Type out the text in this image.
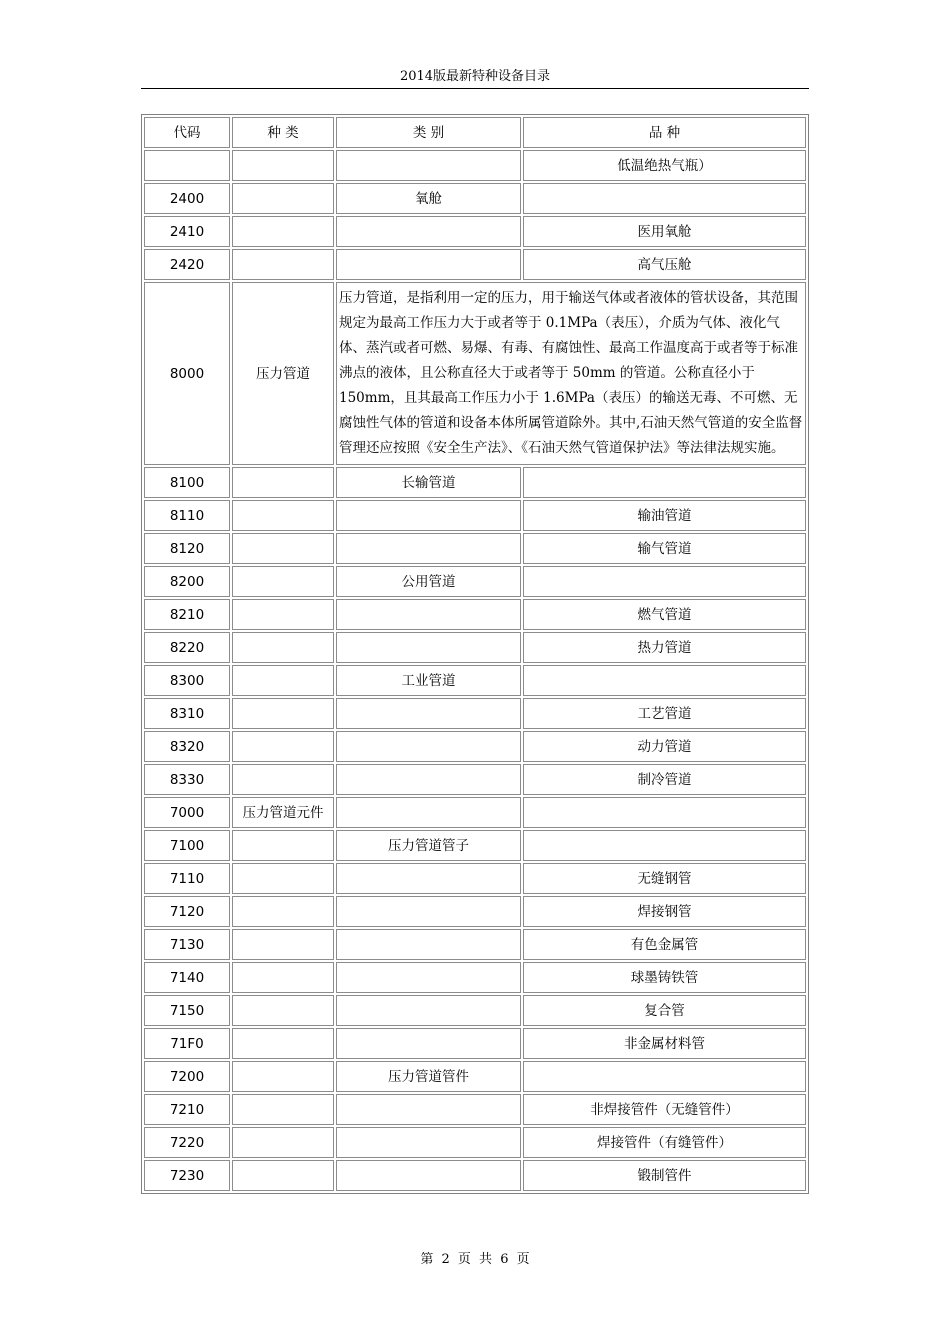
2014版最新特种设备目录
代码	种 类	类 别	品 种
			低温绝热气瓶）
2400		氧舱	
2410			医用氧舱
2420			高气压舱
8000	压力管道	压力管道，是指利用一定的压力，用于输送气体或者液体的管状设备，其范围规定为最高工作压力大于或者等于 0.1MPa（表压），介质为气体、液化气体、蒸汽或者可燃、易爆、有毒、有腐蚀性、最高工作温度高于或者等于标准沸点的液体，且公称直径大于或者等于 50mm 的管道。公称直径小于 150mm，且其最高工作压力小于 1.6MPa（表压）的输送无毒、不可燃、无腐蚀性气体的管道和设备本体所属管道除外。其中,石油天然气管道的安全监督管理还应按照《安全生产法》、《石油天然气管道保护法》等法律法规实施。	
8100		长输管道	
8110			输油管道
8120			输气管道
8200		公用管道	
8210			燃气管道
8220			热力管道
8300		工业管道	
8310			工艺管道
8320			动力管道
8330			制冷管道
7000	压力管道元件		
7100		压力管道管子	
7110			无缝钢管
7120			焊接钢管
7130			有色金属管
7140			球墨铸铁管
7150			复合管
71F0			非金属材料管
7200		压力管道管件	
7210			非焊接管件（无缝管件）
7220			焊接管件（有缝管件）
7230			锻制管件
第 2 页 共 6 页
